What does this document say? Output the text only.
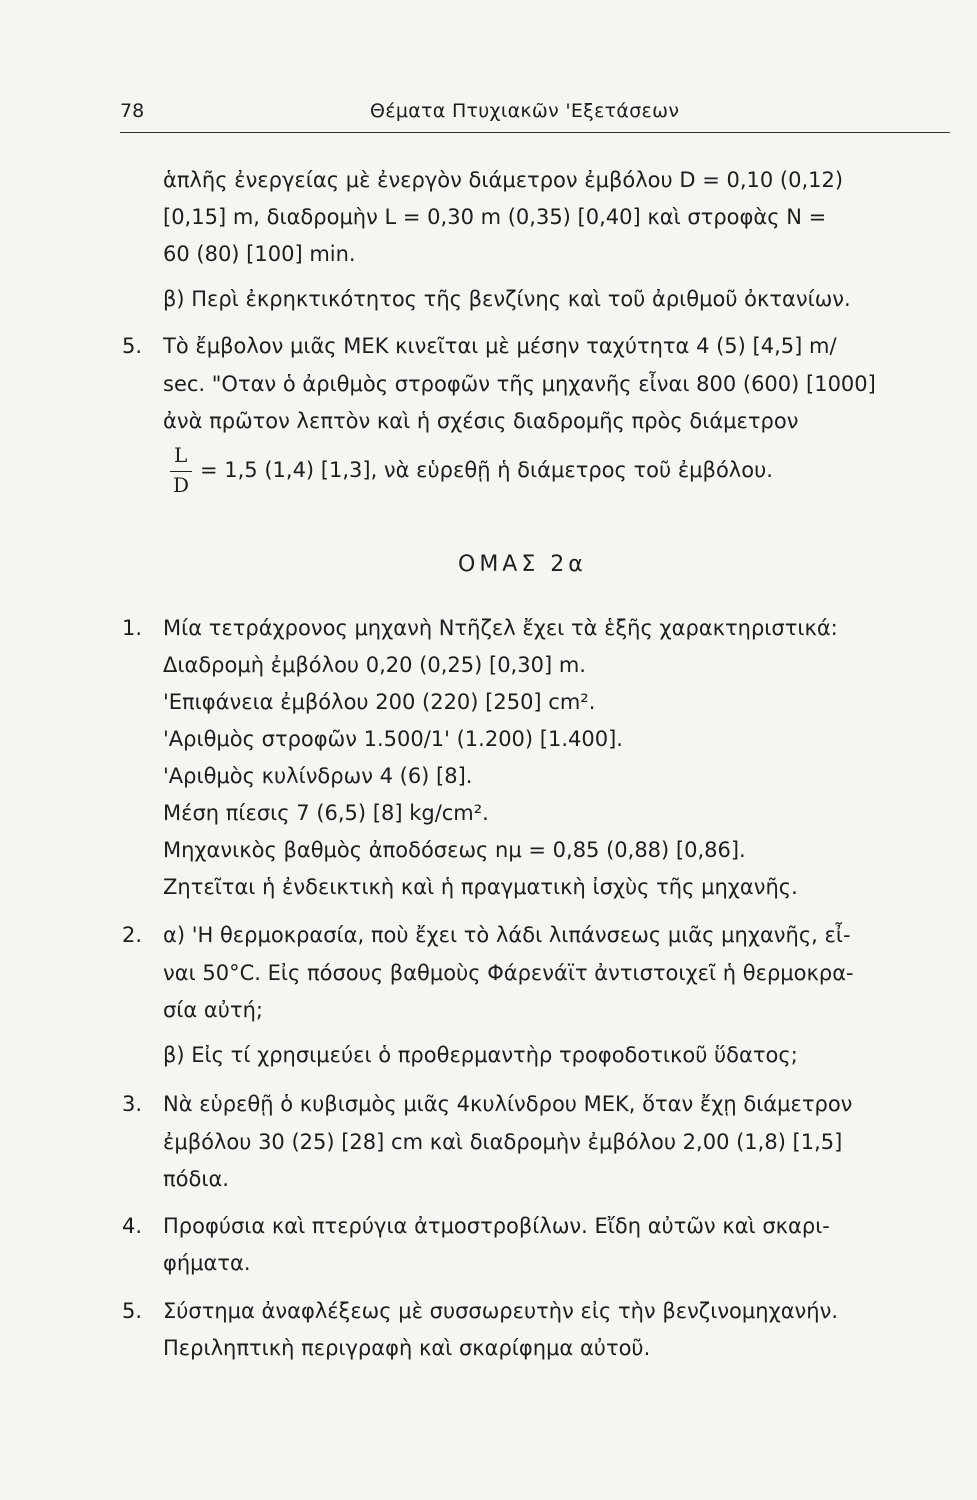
78	Θέματα Πτυχιακῶν 'Εξετάσεων
ἁπλῆς ἐνεργείας μὲ ἐνεργὸν διάμετρον ἐμβόλου D = 0,10 (0,12)
[0,15] m, διαδρομὴν L = 0,30 m (0,35) [0,40] καὶ στροφὰς N =
60 (80) [100] min.
β) Περὶ ἐκρηκτικότητος τῆς βενζίνης καὶ τοῦ ἀριθμοῦ ὀκτανίων.
5. Τὸ ἔμβολον μιᾶς ΜΕΚ κινεῖται μὲ μέσην ταχύτητα 4 (5) [4,5] m/
sec. "Οταν ὁ ἀριθμὸς στροφῶν τῆς μηχανῆς εἶναι 800 (600) [1000]
ἀνὰ πρῶτον λεπτὸν καὶ ἡ σχέσις διαδρομῆς πρὸς διάμετρον
L
D
= 1,5 (1,4) [1,3], νὰ εὑρεθῇ ἡ διάμετρος τοῦ ἐμβόλου.
ΟΜΑΣ 2α
1. Μία τετράχρονος μηχανὴ Ντῆζελ ἔχει τὰ ἑξῆς χαρακτηριστικά:
Διαδρομὴ ἐμβόλου 0,20 (0,25) [0,30] m.
'Επιφάνεια ἐμβόλου 200 (220) [250] cm².
'Αριθμὸς στροφῶν 1.500/1' (1.200) [1.400].
'Αριθμὸς κυλίνδρων 4 (6) [8].
Μέση πίεσις 7 (6,5) [8] kg/cm².
Μηχανικὸς βαθμὸς ἀποδόσεως nμ = 0,85 (0,88) [0,86].
Ζητεῖται ἡ ἐνδεικτικὴ καὶ ἡ πραγματικὴ ἰσχὺς τῆς μηχανῆς.
2. α) 'Η θερμοκρασία, ποὺ ἔχει τὸ λάδι λιπάνσεως μιᾶς μηχανῆς, εἶ-
ναι 50°C. Εἰς πόσους βαθμοὺς Φάρενάϊτ ἀντιστοιχεῖ ἡ θερμοκρα-
σία αὐτή;
β) Εἰς τί χρησιμεύει ὁ προθερμαντὴρ τροφοδοτικοῦ ὕδατος;
3. Νὰ εὑρεθῇ ὁ κυβισμὸς μιᾶς 4κυλίνδρου ΜΕΚ, ὅταν ἔχῃ διάμετρον
ἐμβόλου 30 (25) [28] cm καὶ διαδρομὴν ἐμβόλου 2,00 (1,8) [1,5]
πόδια.
4. Προφύσια καὶ πτερύγια ἀτμοστροβίλων. Εἴδη αὐτῶν καὶ σκαρι-
φήματα.
5. Σύστημα ἀναφλέξεως μὲ συσσωρευτὴν εἰς τὴν βενζινομηχανήν.
Περιληπτικὴ περιγραφὴ καὶ σκαρίφημα αὐτοῦ.
